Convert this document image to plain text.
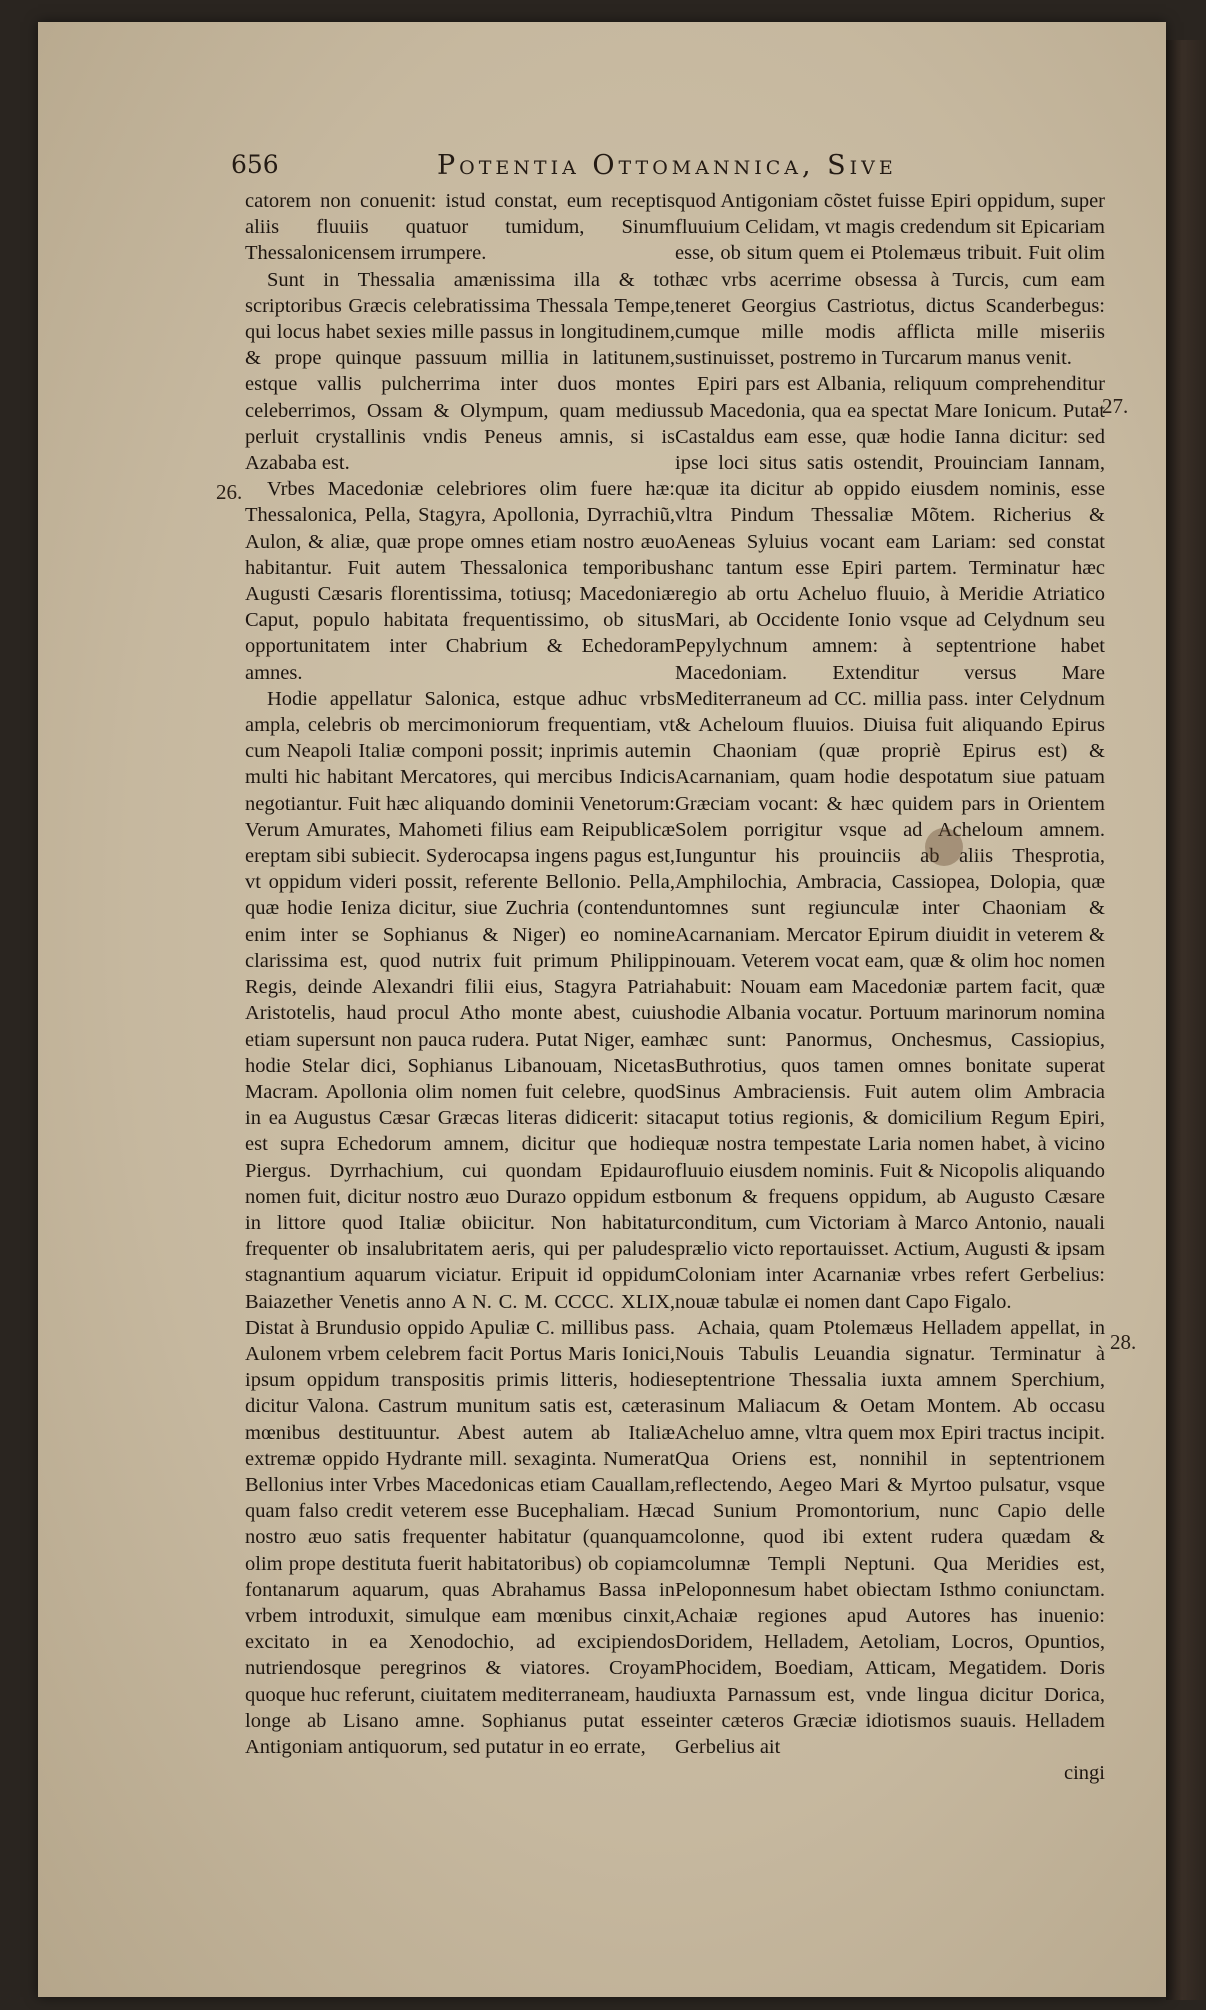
656	Potentia Ottomannica, Sive

catorem non conuenit: istud constat, eum receptis aliis fluuiis quatuor tumidum, Sinum Thessalonicensem irrumpere.

Sunt in Thessalia amænissima illa & tot scriptoribus Græcis celebratissima Thessala Tempe, qui locus habet sexies mille passus in longitudinem, & prope quinque passuum millia in latitunem, estque vallis pulcherrima inter duos montes celeberrimos, Ossam & Olympum, quam medius perluit crystallinis vndis Peneus amnis, si is Azababa est.

Vrbes Macedoniæ celebriores olim fuere hæ: Thessalonica, Pella, Stagyra, Apollonia, Dyrrachiũ, Aulon, & aliæ, quæ prope omnes etiam nostro æuo habitantur. Fuit autem Thessalonica temporibus Augusti Cæsaris florentissima, totiusq; Macedoniæ Caput, populo habitata frequentissimo, ob situs opportunitatem inter Chabrium & Echedoram amnes.

Hodie appellatur Salonica, estque adhuc vrbs ampla, celebris ob mercimoniorum frequentiam, vt cum Neapoli Italiæ componi possit; inprimis autem multi hic habitant Mercatores, qui mercibus Indicis negotiantur. Fuit hæc aliquando dominii Venetorum: Verum Amurates, Mahometi filius eam Reipublicæ ereptam sibi subiecit. Syderocapsa ingens pagus est, vt oppidum videri possit, referente Bellonio. Pella, quæ hodie Ieniza dicitur, siue Zuchria (contendunt enim inter se Sophianus & Niger) eo nomine clarissima est, quod nutrix fuit primum Philippi Regis, deinde Alexandri filii eius, Stagyra Patria Aristotelis, haud procul Atho monte abest, cuius etiam supersunt non pauca rudera. Putat Niger, eam hodie Stelar dici, Sophianus Libanouam, Nicetas Macram. Apollonia olim nomen fuit celebre, quod in ea Augustus Cæsar Græcas literas didicerit: sita est supra Echedorum amnem, dicitur que hodie Piergus. Dyrrhachium, cui quondam Epidauro nomen fuit, dicitur nostro æuo Durazo oppidum est in littore quod Italiæ obiicitur. Non habitatur frequenter ob insalubritatem aeris, qui per paludes stagnantium aquarum viciatur. Eripuit id oppidum Baiazether Venetis anno A N. C. M. CCCC. XLIX, Distat à Brundusio oppido Apuliæ C. millibus pass. Aulonem vrbem celebrem facit Portus Maris Ionici, ipsum oppidum transpositis primis litteris, hodie dicitur Valona. Castrum munitum satis est, cætera mœnibus destituuntur. Abest autem ab Italiæ extremæ oppido Hydrante mill. sexaginta. Numerat Bellonius inter Vrbes Macedonicas etiam Cauallam, quam falso credit veterem esse Bucephaliam. Hæc nostro æuo satis frequenter habitatur (quanquam olim prope destituta fuerit habitatoribus) ob copiam fontanarum aquarum, quas Abrahamus Bassa in vrbem introduxit, simulque eam mœnibus cinxit, excitato in ea Xenodochio, ad excipiendos nutriendosque peregrinos & viatores. Croyam quoque huc referunt, ciuitatem mediterraneam, haud longe ab Lisano amne. Sophianus putat esse Antigoniam antiquorum, sed putatur in eo errate,

quod Antigoniam cõstet fuisse Epiri oppidum, super fluuium Celidam, vt magis credendum sit Epicariam esse, ob situm quem ei Ptolemæus tribuit. Fuit olim hæc vrbs acerrime obsessa à Turcis, cum eam teneret Georgius Castriotus, dictus Scanderbegus: cumque mille modis afflicta mille miseriis sustinuisset, postremo in Turcarum manus venit.

Epiri pars est Albania, reliquum comprehenditur sub Macedonia, qua ea spectat Mare Ionicum. Putat Castaldus eam esse, quæ hodie Ianna dicitur: sed ipse loci situs satis ostendit, Prouinciam Iannam, quæ ita dicitur ab oppido eiusdem nominis, esse vltra Pindum Thessaliæ Mõtem. Richerius & Aeneas Syluius vocant eam Lariam: sed constat hanc tantum esse Epiri partem. Terminatur hæc regio ab ortu Acheluo fluuio, à Meridie Atriatico Mari, ab Occidente Ionio vsque ad Celydnum seu Pepylychnum amnem: à septentrione habet Macedoniam. Extenditur versus Mare Mediterraneum ad CC. millia pass. inter Celydnum & Acheloum fluuios. Diuisa fuit aliquando Epirus in Chaoniam (quæ propriè Epirus est) & Acarnaniam, quam hodie despotatum siue patuam Græciam vocant: & hæc quidem pars in Orientem Solem porrigitur vsque ad Acheloum amnem. Iunguntur his prouinciis ab aliis Thesprotia, Amphilochia, Ambracia, Cassiopea, Dolopia, quæ omnes sunt regiunculæ inter Chaoniam & Acarnaniam. Mercator Epirum diuidit in veterem & nouam. Veterem vocat eam, quæ & olim hoc nomen habuit: Nouam eam Macedoniæ partem facit, quæ hodie Albania vocatur. Portuum marinorum nomina hæc sunt: Panormus, Onchesmus, Cassiopius, Buthrotius, quos tamen omnes bonitate superat Sinus Ambraciensis. Fuit autem olim Ambracia caput totius regionis, & domicilium Regum Epiri, quæ nostra tempestate Laria nomen habet, à vicino fluuio eiusdem nominis. Fuit & Nicopolis aliquando bonum & frequens oppidum, ab Augusto Cæsare conditum, cum Victoriam à Marco Antonio, nauali prælio victo reportauisset. Actium, Augusti & ipsam Coloniam inter Acarnaniæ vrbes refert Gerbelius: nouæ tabulæ ei nomen dant Capo Figalo.

Achaia, quam Ptolemæus Helladem appellat, in Nouis Tabulis Leuandia signatur. Terminatur à septentrione Thessalia iuxta amnem Sperchium, sinum Maliacum & Oetam Montem. Ab occasu Acheluo amne, vltra quem mox Epiri tractus incipit. Qua Oriens est, nonnihil in septentrionem reflectendo, Aegeo Mari & Myrtoo pulsatur, vsque ad Sunium Promontorium, nunc Capio delle colonne, quod ibi extent rudera quædam & columnæ Templi Neptuni. Qua Meridies est, Peloponnesum habet obiectam Isthmo coniunctam. Achaiæ regiones apud Autores has inuenio: Doridem, Helladem, Aetoliam, Locros, Opuntios, Phocidem, Boediam, Atticam, Megatidem. Doris iuxta Parnassum est, vnde lingua dicitur Dorica, inter cæteros Græciæ idiotismos suauis. Helladem Gerbelius ait

cingi

26.
27.
28.
